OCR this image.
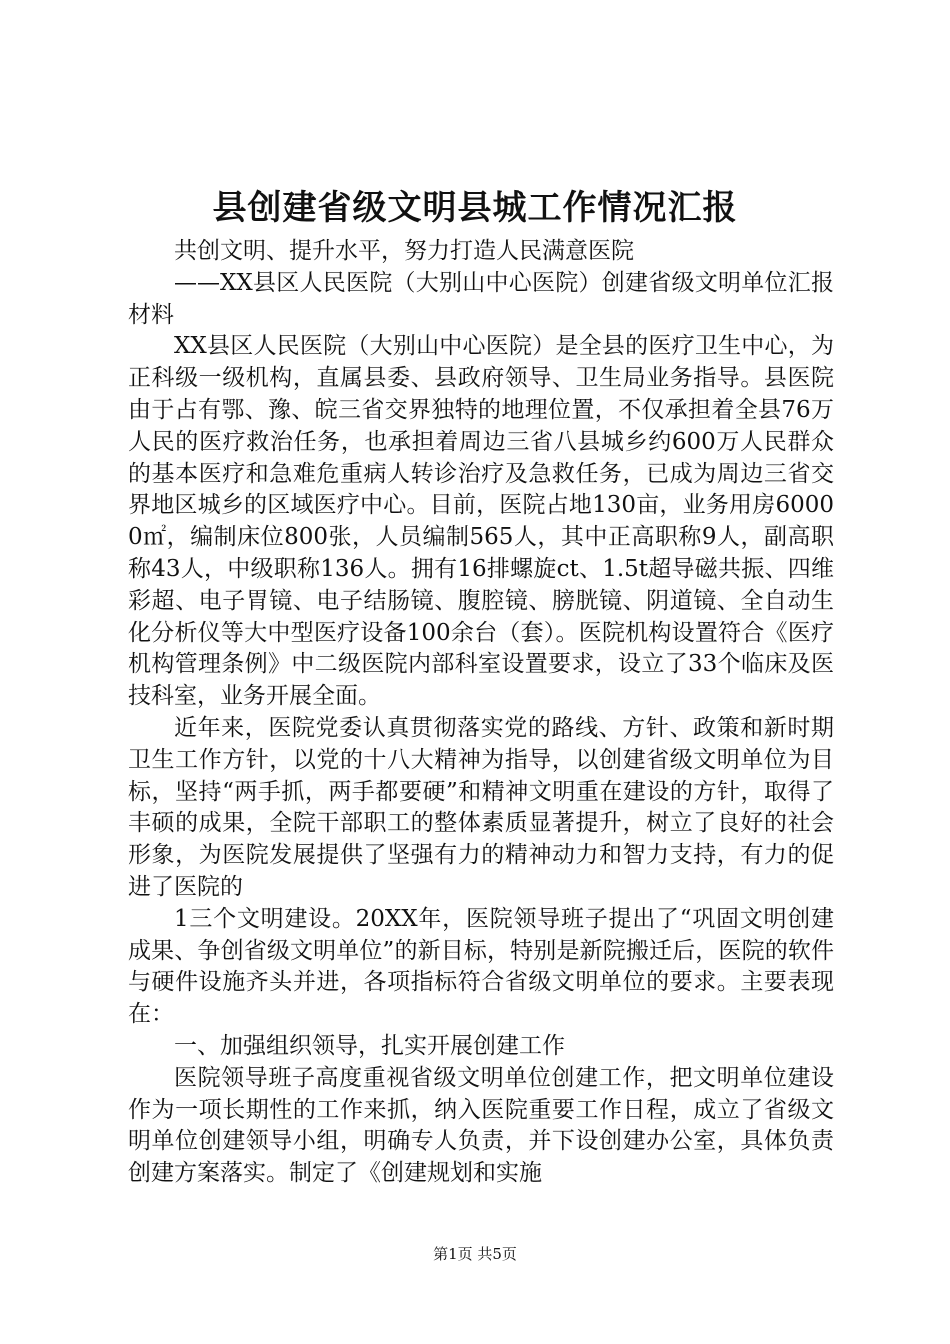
县创建省级文明县城工作情况汇报

共创文明、提升水平，努力打造人民满意医院

——XX县区人民医院（大别山中心医院）创建省级文明单位汇报材料

XX县区人民医院（大别山中心医院）是全县的医疗卫生中心，为正科级一级机构，直属县委、县政府领导、卫生局业务指导。县医院由于占有鄂、豫、皖三省交界独特的地理位置，不仅承担着全县76万人民的医疗救治任务，也承担着周边三省八县城乡约600万人民群众的基本医疗和急难危重病人转诊治疗及急救任务，已成为周边三省交界地区城乡的区域医疗中心。目前，医院占地130亩，业务用房60000㎡，编制床位800张，人员编制565人，其中正高职称9人，副高职称43人，中级职称136人。拥有16排螺旋ct、1.5t超导磁共振、四维彩超、电子胃镜、电子结肠镜、腹腔镜、膀胱镜、阴道镜、全自动生化分析仪等大中型医疗设备100余台（套）。医院机构设置符合《医疗机构管理条例》中二级医院内部科室设置要求，设立了33个临床及医技科室，业务开展全面。

近年来，医院党委认真贯彻落实党的路线、方针、政策和新时期卫生工作方针，以党的十八大精神为指导，以创建省级文明单位为目标，坚持“两手抓，两手都要硬”和精神文明重在建设的方针，取得了丰硕的成果，全院干部职工的整体素质显著提升，树立了良好的社会形象，为医院发展提供了坚强有力的精神动力和智力支持，有力的促进了医院的

1三个文明建设。20XX年，医院领导班子提出了“巩固文明创建成果、争创省级文明单位”的新目标，特别是新院搬迁后，医院的软件与硬件设施齐头并进，各项指标符合省级文明单位的要求。主要表现在：

一、加强组织领导，扎实开展创建工作

医院领导班子高度重视省级文明单位创建工作，把文明单位建设作为一项长期性的工作来抓，纳入医院重要工作日程，成立了省级文明单位创建领导小组，明确专人负责，并下设创建办公室，具体负责创建方案落实。制定了《创建规划和实施

第1页 共5页
